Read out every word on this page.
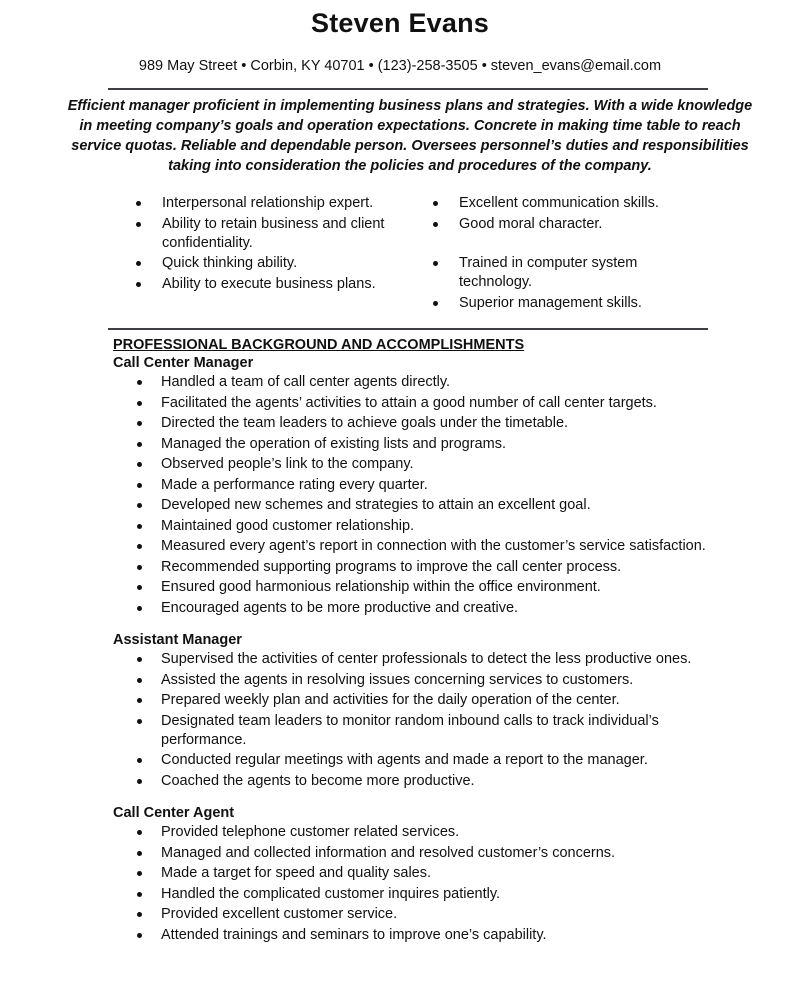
Steven Evans
989 May Street • Corbin, KY 40701 • (123)-258-3505 • steven_evans@email.com
Efficient manager proficient in implementing business plans and strategies. With a wide knowledge in meeting company’s goals and operation expectations. Concrete in making time table to reach service quotas. Reliable and dependable person. Oversees personnel’s duties and responsibilities taking into consideration the policies and procedures of the company.
Interpersonal relationship expert.
Ability to retain business and client confidentiality.
Quick thinking ability.
Ability to execute business plans.
Excellent communication skills.
Good moral character.
Trained in computer system technology.
Superior management skills.
PROFESSIONAL BACKGROUND AND ACCOMPLISHMENTS
Call Center Manager
Handled a team of call center agents directly.
Facilitated the agents’ activities to attain a good number of call center targets.
Directed the team leaders to achieve goals under the timetable.
Managed the operation of existing lists and programs.
Observed people’s link to the company.
Made a performance rating every quarter.
Developed new schemes and strategies to attain an excellent goal.
Maintained good customer relationship.
Measured every agent’s report in connection with the customer’s service satisfaction.
Recommended supporting programs to improve the call center process.
Ensured good harmonious relationship within the office environment.
Encouraged agents to be more productive and creative.
Assistant Manager
Supervised the activities of center professionals to detect the less productive ones.
Assisted the agents in resolving issues concerning services to customers.
Prepared weekly plan and activities for the daily operation of the center.
Designated team leaders to monitor random inbound calls to track individual’s performance.
Conducted regular meetings with agents and made a report to the manager.
Coached the agents to become more productive.
Call Center Agent
Provided telephone customer related services.
Managed and collected information and resolved customer’s concerns.
Made a target for speed and quality sales.
Handled the complicated customer inquires patiently.
Provided excellent customer service.
Attended trainings and seminars to improve one’s capability.
